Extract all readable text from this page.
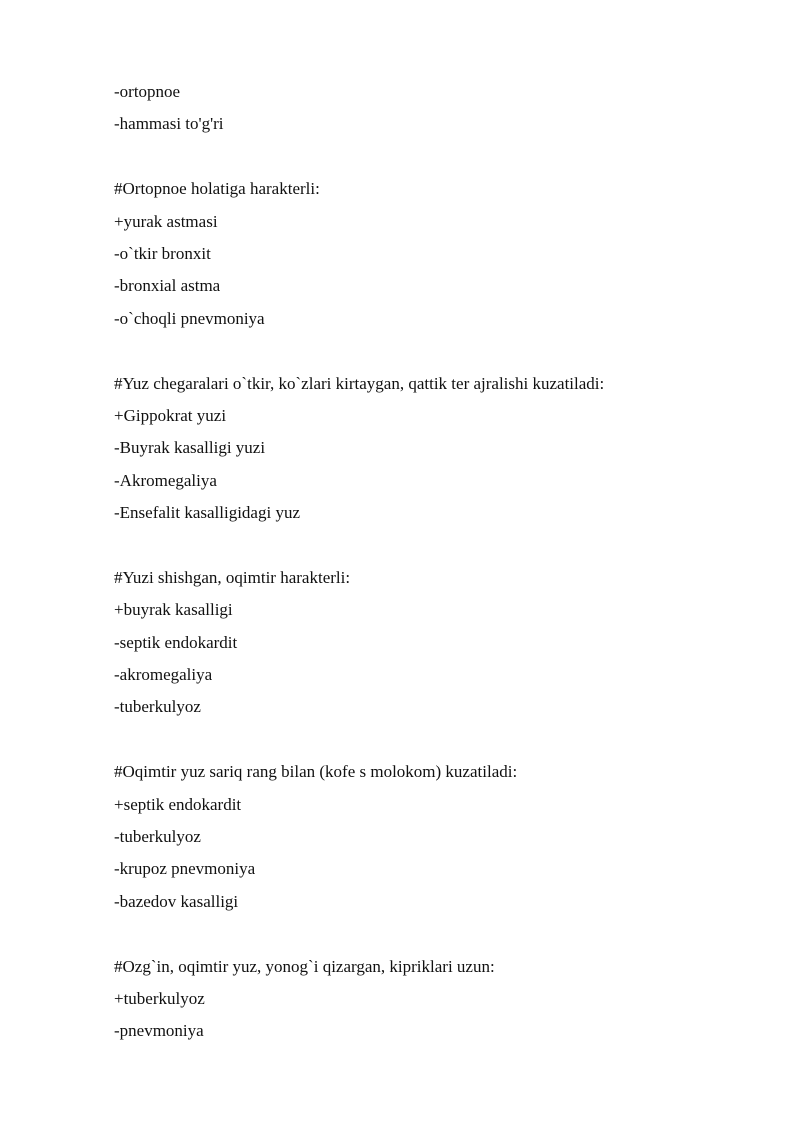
-ortopnoe
-hammasi to'g'ri
#Ortopnoe holatiga harakterli:
+yurak astmasi
-o`tkir bronxit
-bronxial astma
-o`choqli pnevmoniya
#Yuz chegaralari o`tkir, ko`zlari kirtaygan, qattik ter ajralishi kuzatiladi:
+Gippokrat yuzi
-Buyrak kasalligi yuzi
-Akromegaliya
-Ensefalit kasalligidagi yuz
#Yuzi shishgan, oqimtir harakterli:
+buyrak kasalligi
-septik endokardit
-akromegaliya
-tuberkulyoz
#Oqimtir yuz sariq rang bilan (kofe s molokom) kuzatiladi:
+septik endokardit
-tuberkulyoz
-krupoz pnevmoniya
-bazedov kasalligi
#Ozg`in, oqimtir yuz, yonog`i qizargan, kipriklari uzun:
+tuberkulyoz
-pnevmoniya
